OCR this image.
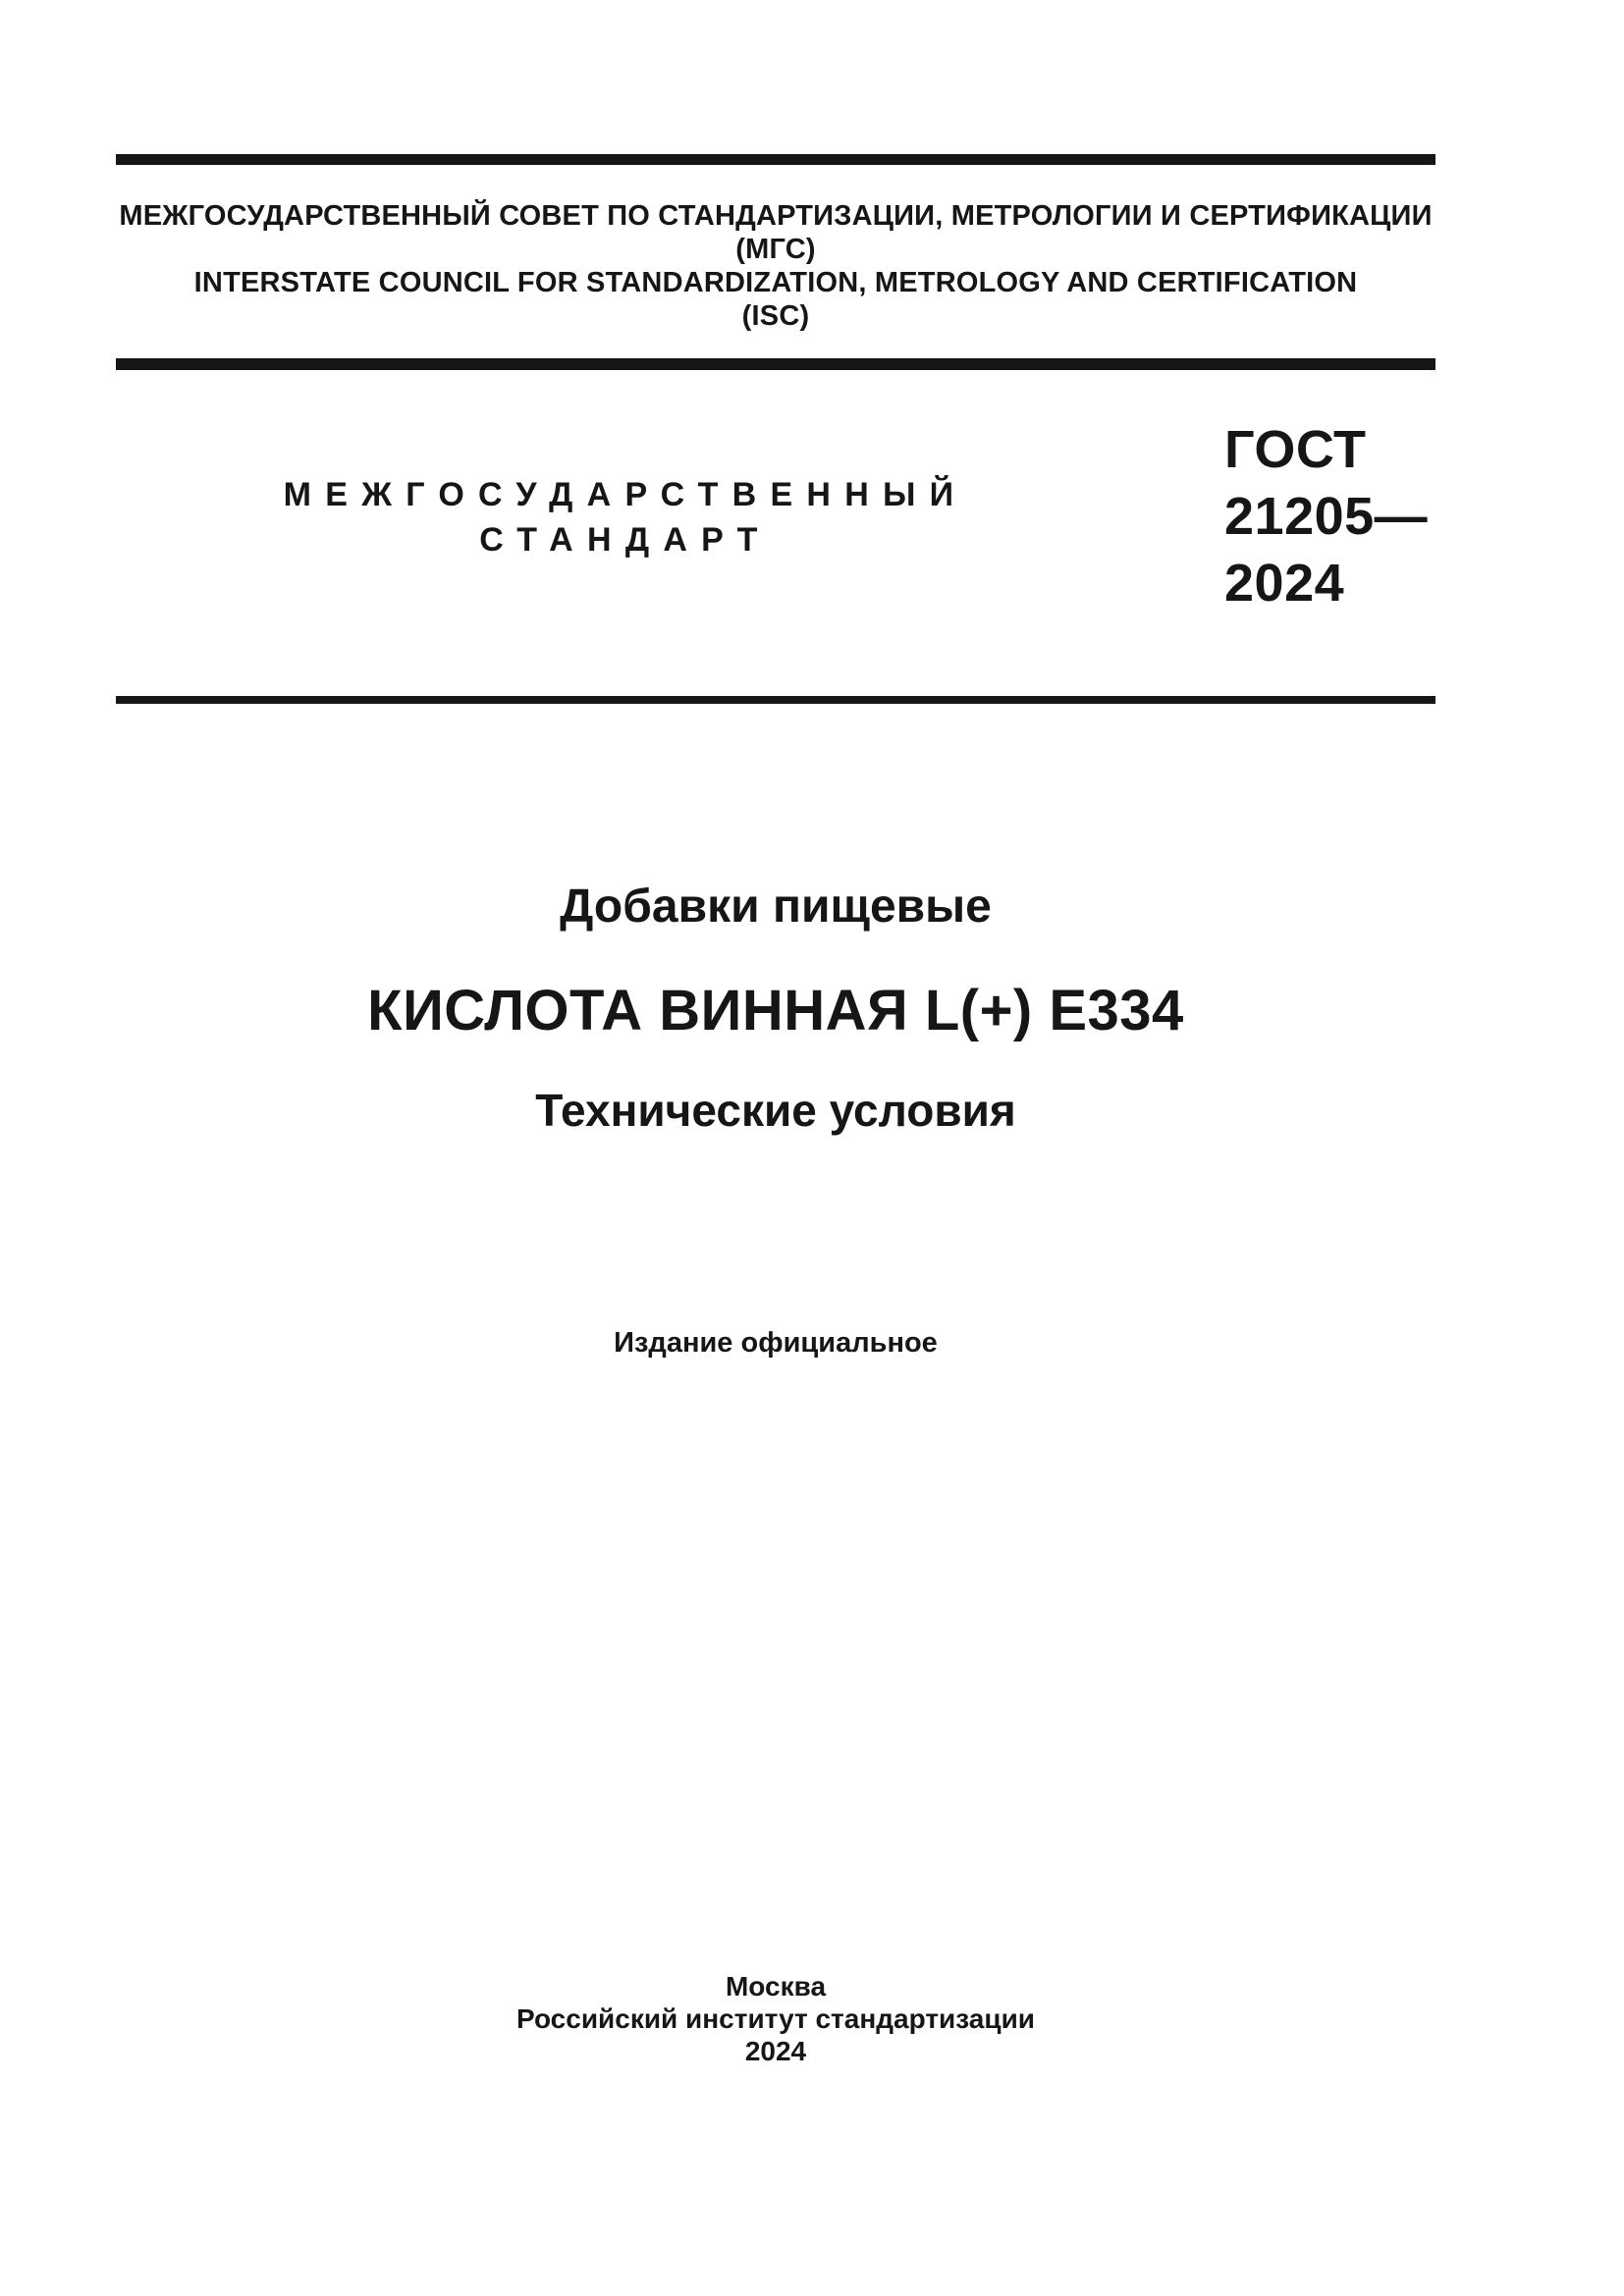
МЕЖГОСУДАРСТВЕННЫЙ СОВЕТ ПО СТАНДАРТИЗАЦИИ, МЕТРОЛОГИИ И СЕРТИФИКАЦИИ
(МГС)
INTERSTATE COUNCIL FOR STANDARDIZATION, METROLOGY AND CERTIFICATION
(ISC)
МЕЖГОСУДАРСТВЕННЫЙ
СТАНДАРТ
ГОСТ
21205—
2024
Добавки пищевые
КИСЛОТА ВИННАЯ L(+) Е334
Технические условия
Издание официальное
Москва
Российский институт стандартизации
2024
